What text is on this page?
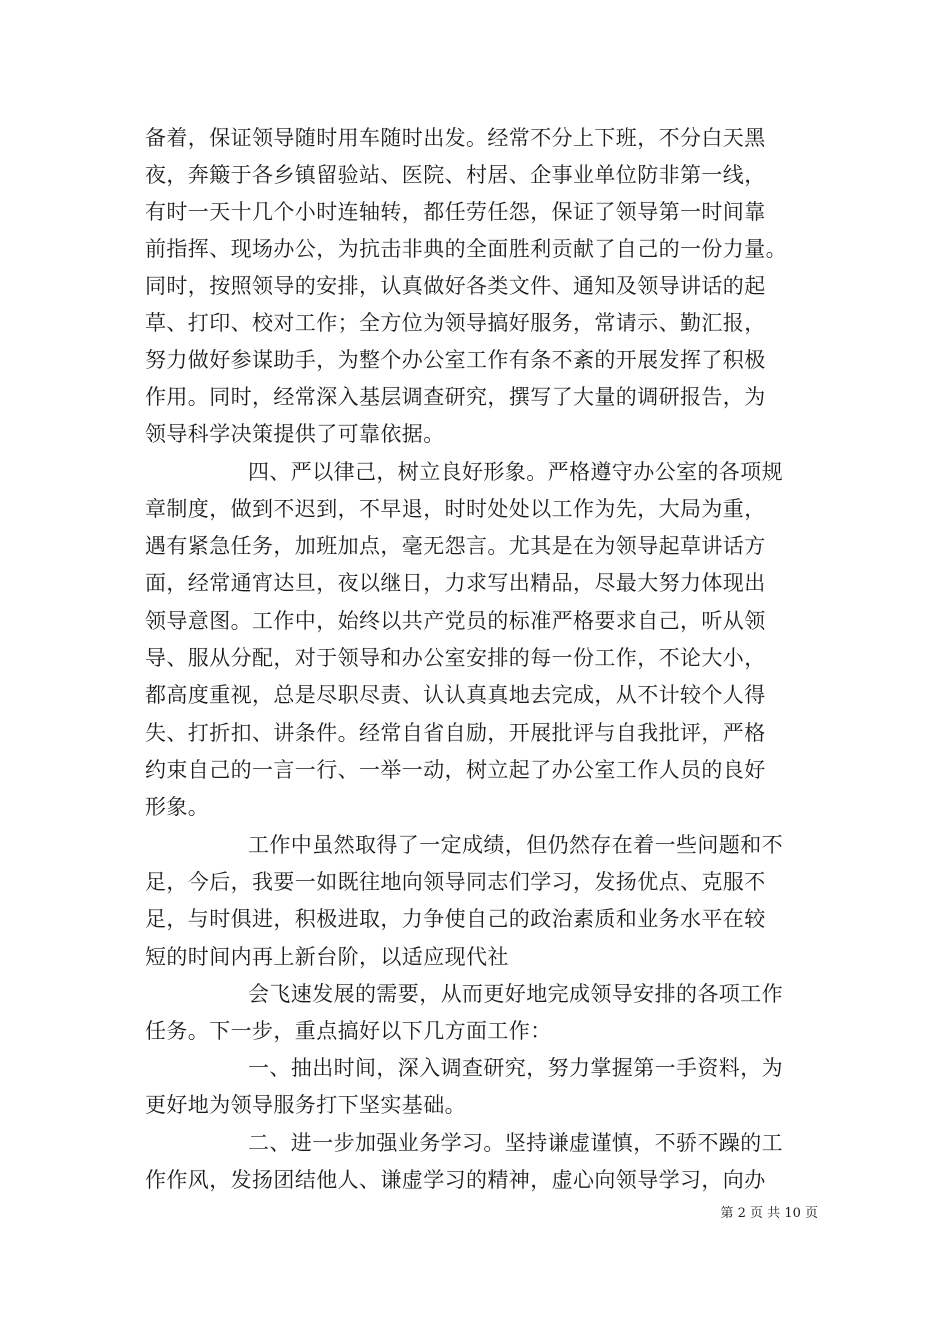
备着，保证领导随时用车随时出发。经常不分上下班，不分白天黑
夜，奔簸于各乡镇留验站、医院、村居、企事业单位防非第一线，
有时一天十几个小时连轴转，都任劳任怨，保证了领导第一时间靠
前指挥、现场办公，为抗击非典的全面胜利贡献了自己的一份力量。
同时，按照领导的安排，认真做好各类文件、通知及领导讲话的起
草、打印、校对工作；全方位为领导搞好服务，常请示、勤汇报，
努力做好参谋助手，为整个办公室工作有条不紊的开展发挥了积极
作用。同时，经常深入基层调查研究，撰写了大量的调研报告，为
领导科学决策提供了可靠依据。
四、严以律己，树立良好形象。严格遵守办公室的各项规
章制度，做到不迟到，不早退，时时处处以工作为先，大局为重，
遇有紧急任务，加班加点，毫无怨言。尤其是在为领导起草讲话方
面，经常通宵达旦，夜以继日，力求写出精品，尽最大努力体现出
领导意图。工作中，始终以共产党员的标准严格要求自己，听从领
导、服从分配，对于领导和办公室安排的每一份工作，不论大小，
都高度重视，总是尽职尽责、认认真真地去完成，从不计较个人得
失、打折扣、讲条件。经常自省自励，开展批评与自我批评，严格
约束自己的一言一行、一举一动，树立起了办公室工作人员的良好
形象。
工作中虽然取得了一定成绩，但仍然存在着一些问题和不
足，今后，我要一如既往地向领导同志们学习，发扬优点、克服不
足，与时俱进，积极进取，力争使自己的政治素质和业务水平在较
短的时间内再上新台阶，以适应现代社
会飞速发展的需要，从而更好地完成领导安排的各项工作
任务。下一步，重点搞好以下几方面工作：
一、抽出时间，深入调查研究，努力掌握第一手资料，为
更好地为领导服务打下坚实基础。
二、进一步加强业务学习。坚持谦虚谨慎，不骄不躁的工
作作风，发扬团结他人、谦虚学习的精神，虚心向领导学习，向办
第 2 页 共 10 页
